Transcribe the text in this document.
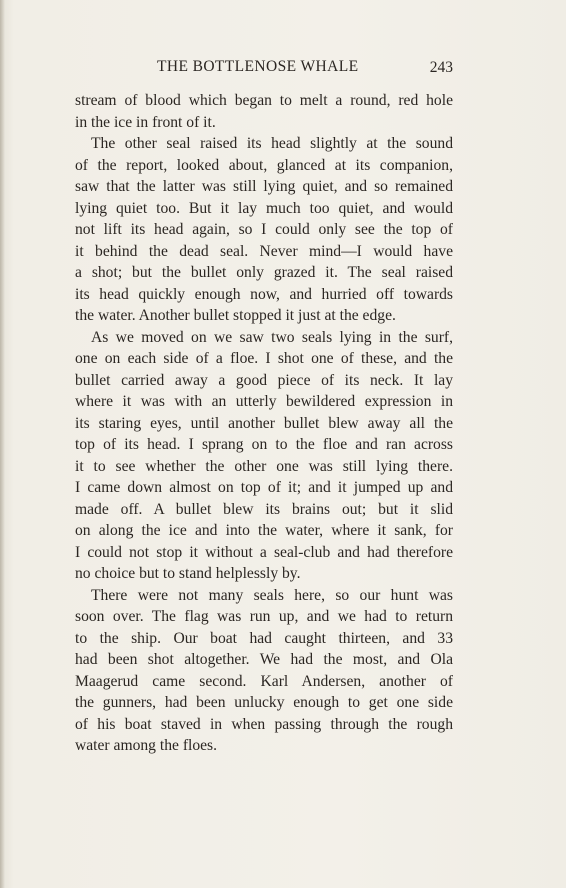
THE BOTTLENOSE WHALE	243
stream of blood which began to melt a round, red hole
in the ice in front of it.
The other seal raised its head slightly at the sound
of the report, looked about, glanced at its companion,
saw that the latter was still lying quiet, and so remained
lying quiet too. But it lay much too quiet, and would
not lift its head again, so I could only see the top of
it behind the dead seal. Never mind—I would have
a shot; but the bullet only grazed it. The seal raised
its head quickly enough now, and hurried off towards
the water. Another bullet stopped it just at the edge.
As we moved on we saw two seals lying in the surf,
one on each side of a floe. I shot one of these, and the
bullet carried away a good piece of its neck. It lay
where it was with an utterly bewildered expression in
its staring eyes, until another bullet blew away all the
top of its head. I sprang on to the floe and ran across
it to see whether the other one was still lying there.
I came down almost on top of it; and it jumped up and
made off. A bullet blew its brains out; but it slid
on along the ice and into the water, where it sank, for
I could not stop it without a seal-club and had therefore
no choice but to stand helplessly by.
There were not many seals here, so our hunt was
soon over. The flag was run up, and we had to return
to the ship. Our boat had caught thirteen, and 33
had been shot altogether. We had the most, and Ola
Maagerud came second. Karl Andersen, another of
the gunners, had been unlucky enough to get one side
of his boat staved in when passing through the rough
water among the floes.
